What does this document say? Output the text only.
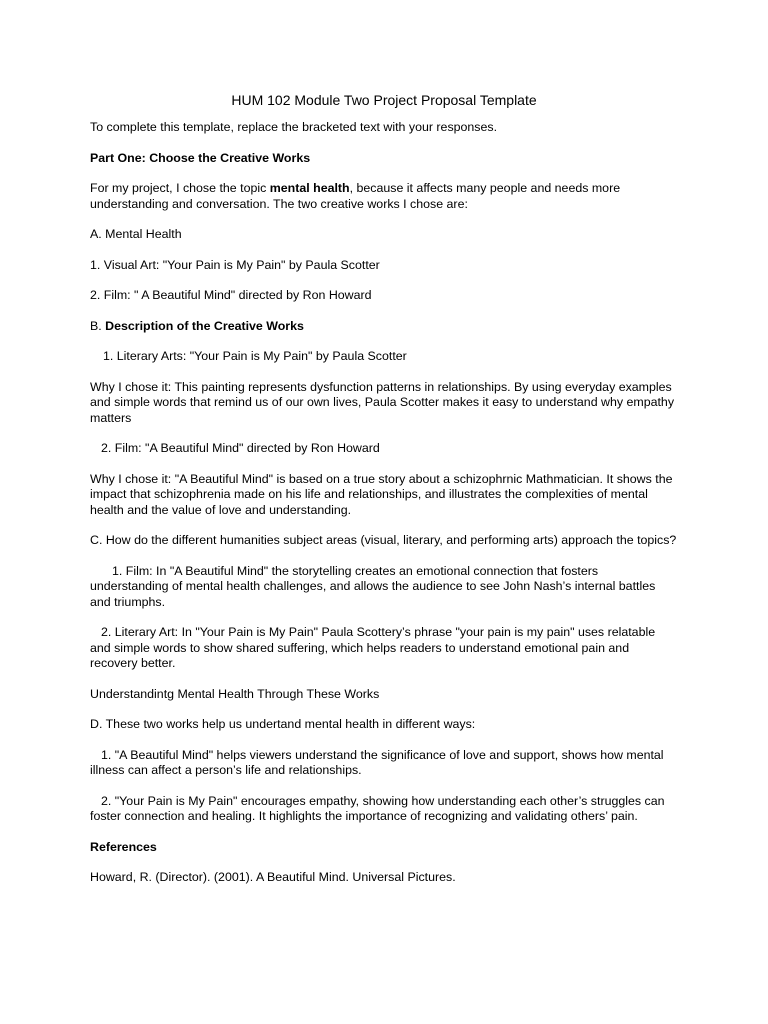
HUM 102 Module Two Project Proposal Template

To complete this template, replace the bracketed text with your responses.

Part One: Choose the Creative Works

For my project, I chose the topic mental health, because it affects many people and needs more understanding and conversation. The two creative works I chose are:

A. Mental Health

1. Visual Art: "Your Pain is My Pain" by Paula Scotter

2. Film: " A Beautiful Mind" directed by Ron Howard

B. Description of the Creative Works

1. Literary Arts: "Your Pain is My Pain" by Paula Scotter

Why I chose it: This painting represents dysfunction patterns in relationships. By using everyday examples and simple words that remind us of our own lives, Paula Scotter makes it easy to understand why empathy matters

2. Film: "A Beautiful Mind" directed by Ron Howard

Why I chose it: "A Beautiful Mind" is based on a true story about a schizophrnic Mathmatician. It shows the impact that schizophrenia made on his life and relationships, and illustrates the complexities of mental health and the value of love and understanding.

C. How do the different humanities subject areas (visual, literary, and performing arts) approach the topics?

1. Film: In "A Beautiful Mind" the storytelling creates an emotional connection that fosters understanding of mental health challenges, and allows the audience to see John Nash’s internal battles and triumphs.

2. Literary Art: In "Your Pain is My Pain" Paula Scottery’s phrase "your pain is my pain" uses relatable and simple words to show shared suffering, which helps readers to understand emotional pain and recovery better.

Understandintg Mental Health Through These Works

D. These two works help us undertand mental health in different ways:

1. "A Beautiful Mind" helps viewers understand the significance of love and support, shows how mental illness can affect a person’s life and relationships.

2. "Your Pain is My Pain" encourages empathy, showing how understanding each other’s struggles can foster connection and healing. It highlights the importance of recognizing and validating others’ pain.

References

Howard, R. (Director). (2001). A Beautiful Mind. Universal Pictures.
